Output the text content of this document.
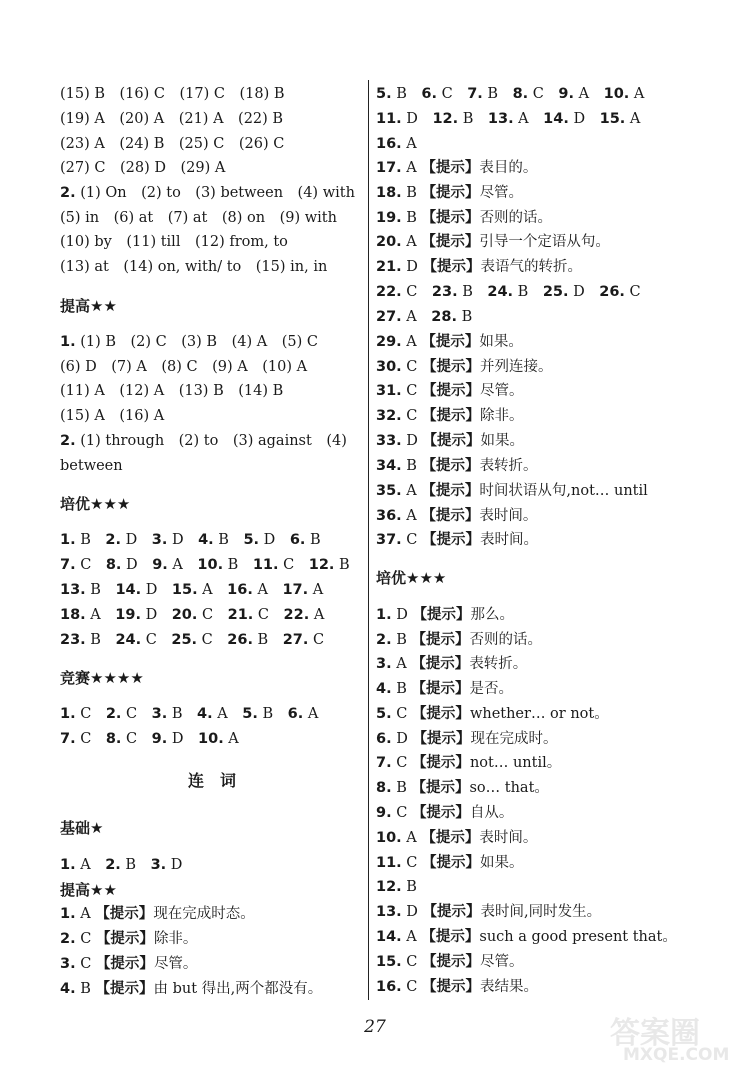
(15) B　(16) C　(17) C　(18) B
(19) A　(20) A　(21) A　(22) B
(23) A　(24) B　(25) C　(26) C
(27) C　(28) D　(29) A
2. (1) On　(2) to　(3) between　(4) with
(5) in　(6) at　(7) at　(8) on　(9) with
(10) by　(11) till　(12) from, to
(13) at　(14) on, with/ to　(15) in, in
提高★★
1. (1) B　(2) C　(3) B　(4) A　(5) C
(6) D　(7) A　(8) C　(9) A　(10) A
(11) A　(12) A　(13) B　(14) B
(15) A　(16) A
2. (1) through　(2) to　(3) against　(4)
between
培优★★★
1. B　2. D　3. D　4. B　5. D　6. B
7. C　8. D　9. A　10. B　11. C　12. B
13. B　14. D　15. A　16. A　17. A
18. A　19. D　20. C　21. C　22. A
23. B　24. C　25. C　26. B　27. C
竞赛★★★★
1. C　2. C　3. B　4. A　5. B　6. A
7. C　8. C　9. D　10. A
基础★
1. A　2. B　3. D
提高★★
1. A 【提示】现在完成时态。
2. C 【提示】除非。
3. C 【提示】尽管。
4. B 【提示】由 but 得出,两个都没有。
5. B　6. C　7. B　8. C　9. A　10. A
11. D　12. B　13. A　14. D　15. A
16. A
17. A 【提示】表目的。
18. B 【提示】尽管。
19. B 【提示】否则的话。
20. A 【提示】引导一个定语从句。
21. D 【提示】表语气的转折。
22. C　23. B　24. B　25. D　26. C
27. A　28. B
29. A 【提示】如果。
30. C 【提示】并列连接。
31. C 【提示】尽管。
32. C 【提示】除非。
33. D 【提示】如果。
34. B 【提示】表转折。
35. A 【提示】时间状语从句,not… until
36. A 【提示】表时间。
37. C 【提示】表时间。
培优★★★
1. D 【提示】那么。
2. B 【提示】否则的话。
3. A 【提示】表转折。
4. B 【提示】是否。
5. C 【提示】whether… or not。
6. D 【提示】现在完成时。
7. C 【提示】not… until。
8. B 【提示】so… that。
9. C 【提示】自从。
10. A 【提示】表时间。
11. C 【提示】如果。
12. B
13. D 【提示】表时间,同时发生。
14. A 【提示】such a good present that。
15. C 【提示】尽管。
16. C 【提示】表结果。
连词
27	答案圈
MXQE.COM
